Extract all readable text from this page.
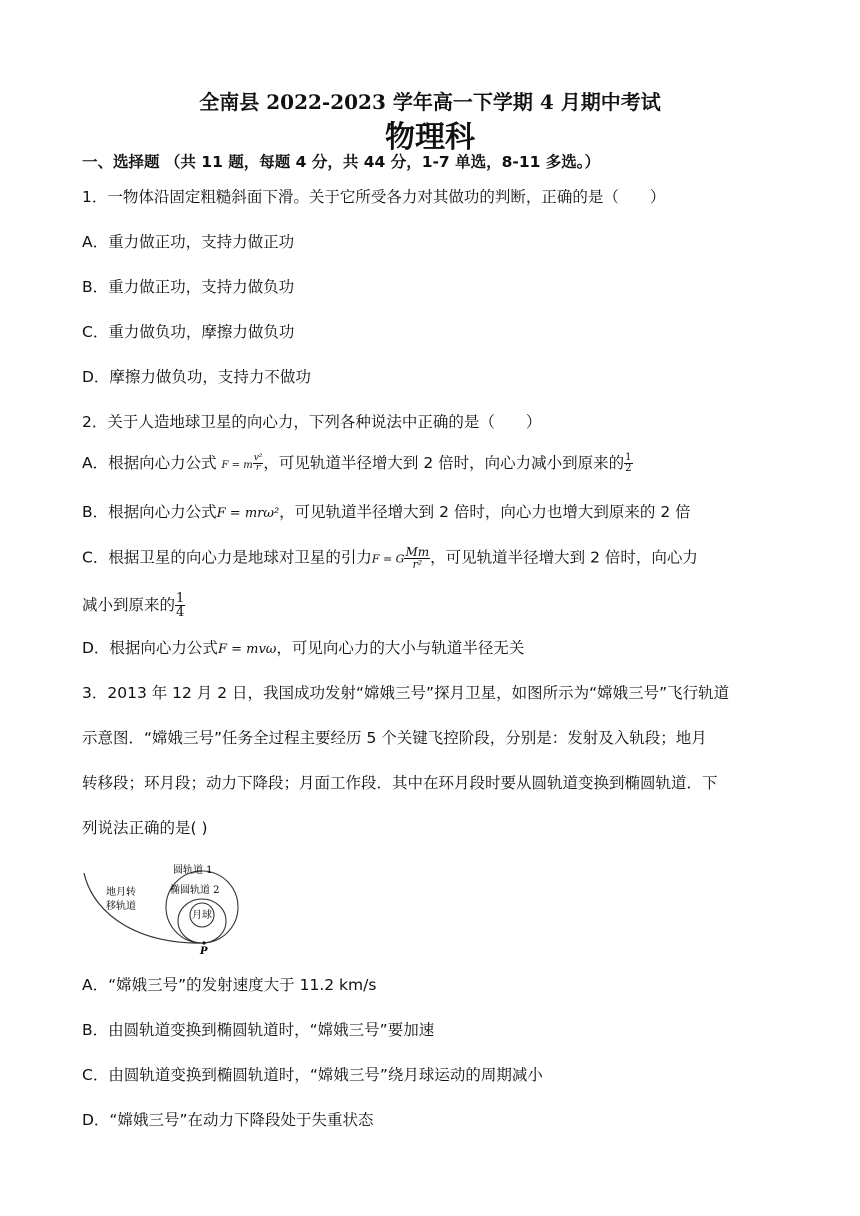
全南县 2022-2023 学年高一下学期 4 月期中考试
物理科
一、选择题 （共 11 题，每题 4 分，共 44 分，1-7 单选，8-11 多选。）
1．一物体沿固定粗糙斜面下滑。关于它所受各力对其做功的判断，正确的是（　　）
A．重力做正功，支持力做正功
B．重力做正功，支持力做负功
C．重力做负功，摩擦力做负功
D．摩擦力做负功，支持力不做功
2．关于人造地球卫星的向心力，下列各种说法中正确的是（　　）
A．根据向心力公式 F = m $\frac{\text{v²}}{r}$ ，可见轨道半径增大到 2 倍时，向心力减小到原来的 $\frac{1}{2}$
B．根据向心力公式F = mrω²，可见轨道半径增大到 2 倍时，向心力也增大到原来的 2 倍
C．根据卫星的向心力是地球对卫星的引力F = G $\frac{Mm}{\text{r²}}$ ，可见轨道半径增大到 2 倍时，向心力
减小到原来的 $\frac{1}{4}$
D．根据向心力公式F = mvω，可见向心力的大小与轨道半径无关
3．2013 年 12 月 2 日，我国成功发射“嫦娥三号”探月卫星，如图所示为“嫦娥三号”飞行轨道
示意图．“嫦娥三号”任务全过程主要经历 5 个关键飞控阶段，分别是：发射及入轨段；地月
转移段；环月段；动力下降段；月面工作段．其中在环月段时要从圆轨道变换到椭圆轨道．下
列说法正确的是( )
圆轨道 1
椭圆轨道 2
地月转
移轨道
月球
P
A．“嫦娥三号”的发射速度大于 11.2 km/s
B．由圆轨道变换到椭圆轨道时，“嫦娥三号”要加速
C．由圆轨道变换到椭圆轨道时，“嫦娥三号”绕月球运动的周期减小
D．“嫦娥三号”在动力下降段处于失重状态
